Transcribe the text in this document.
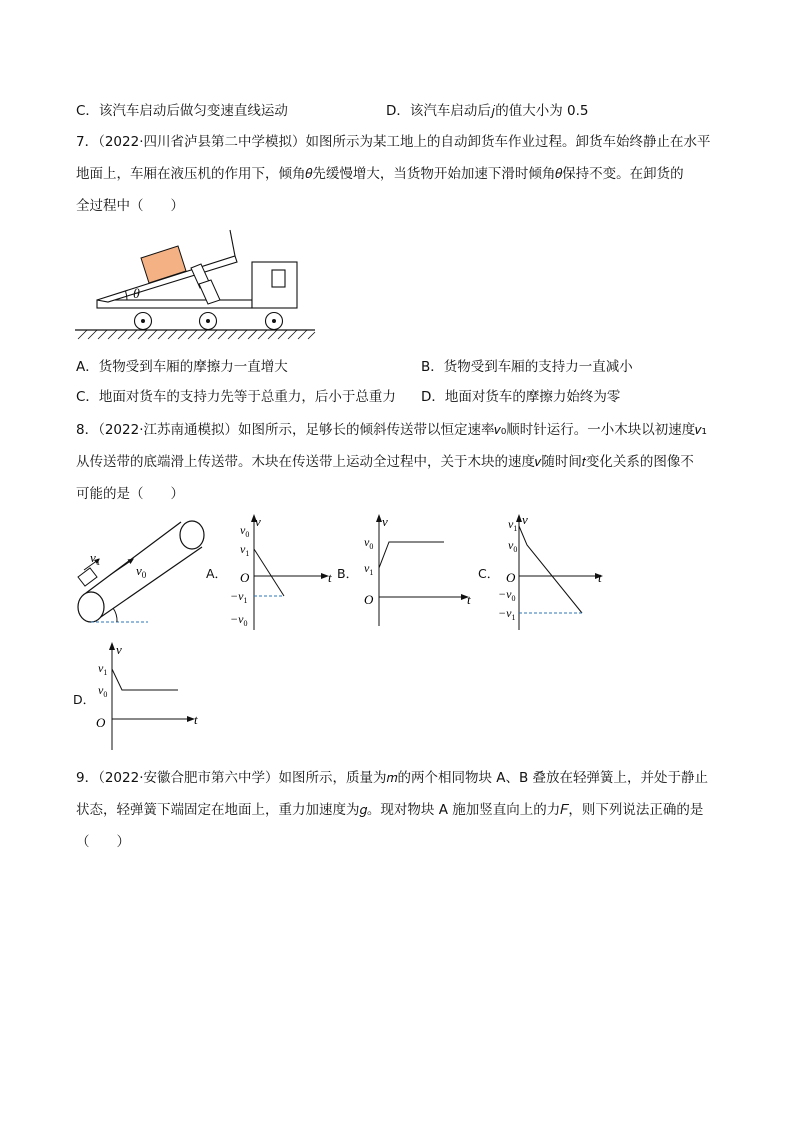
C．该汽车启动后做匀变速直线运动	D．该汽车启动后𝑗的值大小为 0.5
7．（2022·四川省泸县第二中学模拟）如图所示为某工地上的自动卸货车作业过程。卸货车始终静止在水平
地面上，车厢在液压机的作用下，倾角𝜃先缓慢增大，当货物开始加速下滑时倾角𝜃保持不变。在卸货的
全过程中（　　）
θ
A．货物受到车厢的摩擦力一直增大	B．货物受到车厢的支持力一直减小
C．地面对货车的支持力先等于总重力，后小于总重力 D．地面对货车的摩擦力始终为零
8．（2022·江苏南通模拟）如图所示，足够长的倾斜传送带以恒定速率𝑣₀顺时针运行。一小木块以初速度𝑣₁
从传送带的底端滑上传送带。木块在传送带上运动全过程中，关于木块的速度𝑣随时间𝑡变化关系的图像不
可能的是（　　）
$v_1$
$v_0$	A．	B．	C．
D．
v
t
O
$v_0$
$v_1$
$-v_1$
$-v_0$
v
t
O
$v_0$
$v_1$
v
t
O
$v_1$
$v_0$
$-v_0$
$-v_1$
v
t
O
$v_1$
$v_0$
9．（2022·安徽合肥市第六中学）如图所示，质量为𝑚的两个相同物块 A、B 叠放在轻弹簧上，并处于静止
状态，轻弹簧下端固定在地面上，重力加速度为𝑔。现对物块 A 施加竖直向上的力𝐹，则下列说法正确的是
（　　）
